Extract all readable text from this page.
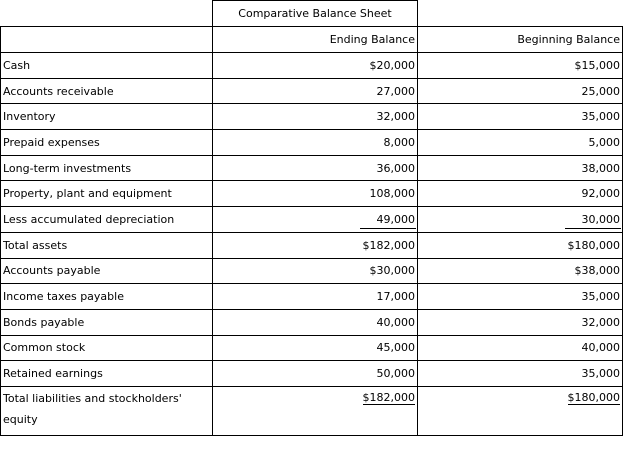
	Comparative Balance Sheet	
	Ending Balance	Beginning Balance
Cash	$20,000	$15,000
Accounts receivable	27,000	25,000
Inventory	32,000	35,000
Prepaid expenses	8,000	5,000
Long-term investments	36,000	38,000
Property, plant and equipment	108,000	92,000
Less accumulated depreciation	49,000	30,000

Total assets	$182,000	$180,000
Accounts payable	$30,000	$38,000
Income taxes payable	17,000	35,000
Bonds payable	40,000	32,000
Common stock	45,000	40,000
Retained earnings	50,000	35,000
Total liabilities and stockholders' equity	$182,000	$180,000
